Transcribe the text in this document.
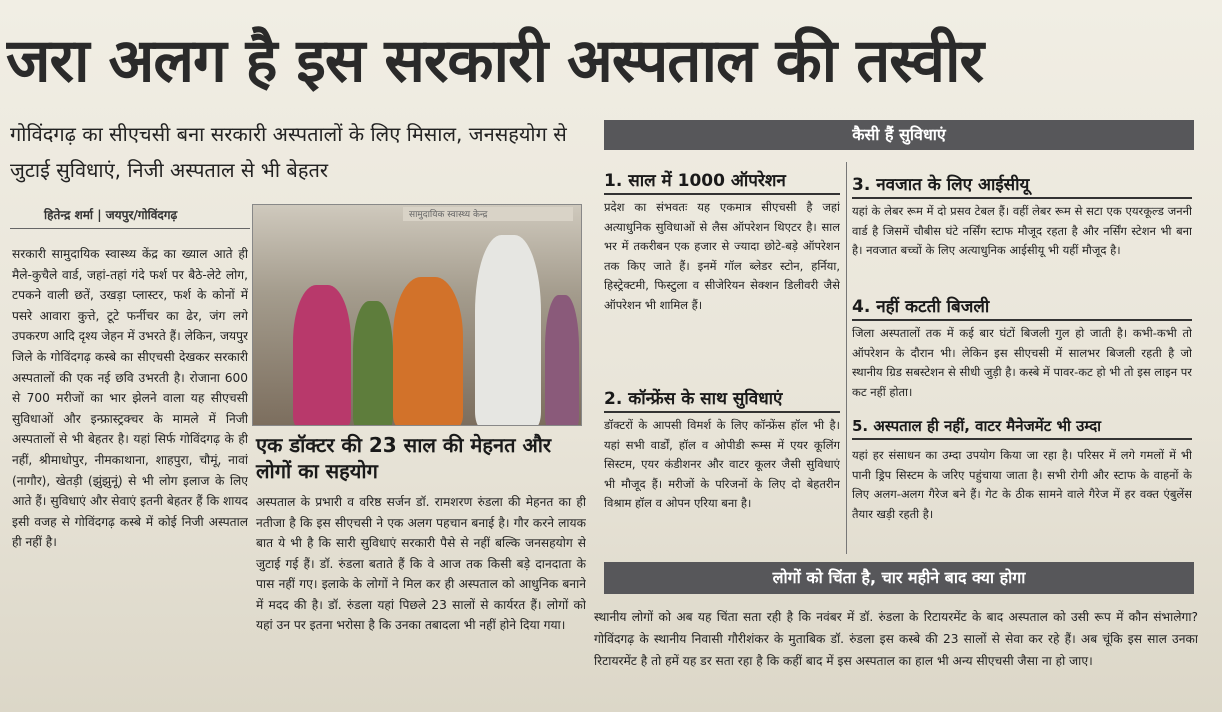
जरा अलग है इस सरकारी अस्पताल की तस्वीर
गोविंदगढ़ का सीएचसी बना सरकारी अस्पतालों के लिए मिसाल, जनसहयोग से जुटाई सुविधाएं, निजी अस्पताल से भी बेहतर
हितेन्द्र शर्मा | जयपुर/गोविंदगढ़
सरकारी सामुदायिक स्वास्थ्य केंद्र का ख्याल आते ही मैले-कुचैले वार्ड, जहां-तहां गंदे फर्श पर बैठे-लेटे लोग, टपकने वाली छतें, उखड़ा प्लास्टर, फर्श के कोनों में पसरे आवारा कुत्ते, टूटे फर्नीचर का ढेर, जंग लगे उपकरण आदि दृश्य जेहन में उभरते हैं। लेकिन, जयपुर जिले के गोविंदगढ़ कस्बे का सीएचसी देखकर सरकारी अस्पतालों की एक नई छवि उभरती है। रोजाना 600 से 700 मरीजों का भार झेलने वाला यह सीएचसी सुविधाओं और इन्फ्रास्ट्रक्चर के मामले में निजी अस्पतालों से भी बेहतर है। यहां सिर्फ गोविंदगढ़ के ही नहीं, श्रीमाधोपुर, नीमकाथाना, शाहपुरा, चौमूं, नावां (नागौर), खेतड़ी (झुंझुनूं) से भी लोग इलाज के लिए आते हैं। सुविधाएं और सेवाएं इतनी बेहतर हैं कि शायद इसी वजह से गोविंदगढ़ कस्बे में कोई निजी अस्पताल ही नहीं है।
सामुदायिक स्वास्थ्य केन्द्र
एक डॉक्टर की 23 साल की मेहनत और लोगों का सहयोग
अस्पताल के प्रभारी व वरिष्ठ सर्जन डॉ. रामशरण रुंडला की मेहनत का ही नतीजा है कि इस सीएचसी ने एक अलग पहचान बनाई है। गौर करने लायक बात ये भी है कि सारी सुविधाएं सरकारी पैसे से नहीं बल्कि जनसहयोग से जुटाई गई हैं। डॉ. रुंडला बताते हैं कि वे आज तक किसी बड़े दानदाता के पास नहीं गए। इलाके के लोगों ने मिल कर ही अस्पताल को आधुनिक बनाने में मदद की है। डॉ. रुंडला यहां पिछले 23 सालों से कार्यरत हैं। लोगों को यहां उन पर इतना भरोसा है कि उनका तबादला भी नहीं होने दिया गया।
कैसी हैं सुविधाएं
1. साल में 1000 ऑपरेशन
प्रदेश का संभवतः यह एकमात्र सीएचसी है जहां अत्याधुनिक सुविधाओं से लैस ऑपरेशन थिएटर है। साल भर में तकरीबन एक हजार से ज्यादा छोटे-बड़े ऑपरेशन तक किए जाते हैं। इनमें गॉल ब्लेडर स्टोन, हर्निया, हिस्ट्रेक्टमी, फिस्टुला व सीजेरियन सेक्शन डिलीवरी जैसे ऑपरेशन भी शामिल हैं।
2. कॉन्फ्रेंस के साथ सुविधाएं
डॉक्टरों के आपसी विमर्श के लिए कॉन्फ्रेंस हॉल भी है। यहां सभी वार्डों, हॉल व ओपीडी रूम्स में एयर कूलिंग सिस्टम, एयर कंडीशनर और वाटर कूलर जैसी सुविधाएं भी मौजूद हैं। मरीजों के परिजनों के लिए दो बेहतरीन विश्राम हॉल व ओपन एरिया बना है।
3. नवजात के लिए आईसीयू
यहां के लेबर रूम में दो प्रसव टेबल हैं। वहीं लेबर रूम से सटा एक एयरकूल्ड जननी वार्ड है जिसमें चौबीस घंटे नर्सिंग स्टाफ मौजूद रहता है और नर्सिंग स्टेशन भी बना है। नवजात बच्चों के लिए अत्याधुनिक आईसीयू भी यहीं मौजूद है।
4. नहीं कटती बिजली
जिला अस्पतालों तक में कई बार घंटों बिजली गुल हो जाती है। कभी-कभी तो ऑपरेशन के दौरान भी। लेकिन इस सीएचसी में सालभर बिजली रहती है जो स्थानीय ग्रिड सबस्टेशन से सीधी जुड़ी है। कस्बे में पावर-कट हो भी तो इस लाइन पर कट नहीं होता।
5. अस्पताल ही नहीं, वाटर मैनेजमेंट भी उम्दा
यहां हर संसाधन का उम्दा उपयोग किया जा रहा है। परिसर में लगे गमलों में भी पानी ड्रिप सिस्टम के जरिए पहुंचाया जाता है। सभी रोगी और स्टाफ के वाहनों के लिए अलग-अलग गैरेज बने हैं। गेट के ठीक सामने वाले गैरेज में हर वक्त एंबुलेंस तैयार खड़ी रहती है।
लोगों को चिंता है, चार महीने बाद क्या होगा
स्थानीय लोगों को अब यह चिंता सता रही है कि नवंबर में डॉ. रुंडला के रिटायरमेंट के बाद अस्पताल को उसी रूप में कौन संभालेगा? गोविंदगढ़ के स्थानीय निवासी गौरीशंकर के मुताबिक डॉ. रुंडला इस कस्बे की 23 सालों से सेवा कर रहे हैं। अब चूंकि इस साल उनका रिटायरमेंट है तो हमें यह डर सता रहा है कि कहीं बाद में इस अस्पताल का हाल भी अन्य सीएचसी जैसा ना हो जाए।
